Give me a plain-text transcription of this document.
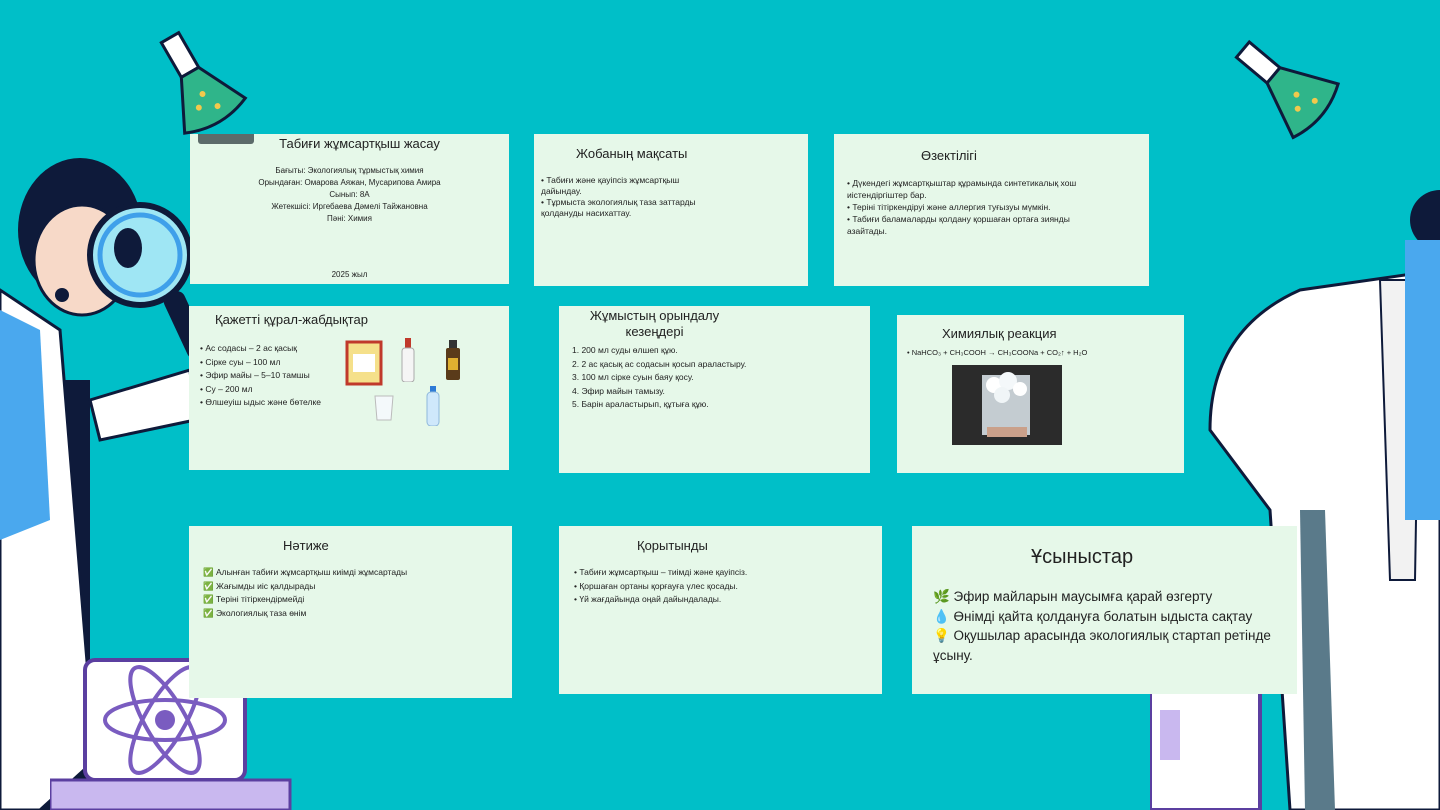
Табиғи жұмсартқыш жасау
Бағыты: Экологиялық тұрмыстық химия
Орындаған: Омарова Аяжан, Мусарипова Амира
Сынып: 8А
Жетекшісі: Иргебаева Дәмелі Тайжановна
Пәні: Химия
2025 жыл
Жобаның мақсаты
• Табиғи және қауіпсіз жұмсартқыш дайындау.
• Тұрмыста экологиялық таза заттарды қолдануды насихаттау.
Өзектілігі
• Дүкендегі жұмсартқыштар құрамында синтетикалық хош иістендіргіштер бар.
• Теріні тітіркендіруі және аллергия туғызуы мүмкін.
• Табиғи баламаларды қолдану қоршаған ортаға зиянды азайтады.
Қажетті құрал-жабдықтар
• Ас содасы – 2 ас қасық
• Сірке суы – 100 мл
• Эфир майы – 5–10 тамшы
• Су – 200 мл
• Өлшеуіш ыдыс және бөтелке
Жұмыстың орындалу кезеңдері
1. 200 мл суды өлшеп құю.
2. 2 ас қасық ас содасын қосып араластыру.
3. 100 мл сірке суын баяу қосу.
4. Эфир майын тамызу.
5. Барін араластырып, құтыға құю.
Химиялық реакция
• NaHCO₃ + CH₃COOH → CH₃COONa + CO₂↑ + H₂O
Нәтиже
✅ Алынған табиғи жұмсартқыш киімді жұмсартады
✅ Жағымды иіс қалдырады
✅ Теріні тітіркендірмейді
✅ Экологиялық таза өнім
Қорытынды
• Табиғи жұмсартқыш – тиімді және қауіпсіз.
• Қоршаған ортаны қорғауға үлес қосады.
• Үй жағдайында оңай дайындалады.
Ұсыныстар
🌿 Эфир майларын маусымға қарай өзгерту
💧 Өнімді қайта қолдануға болатын ыдыста сақтау
💡 Оқушылар арасында экологиялық стартап ретінде ұсыну.
